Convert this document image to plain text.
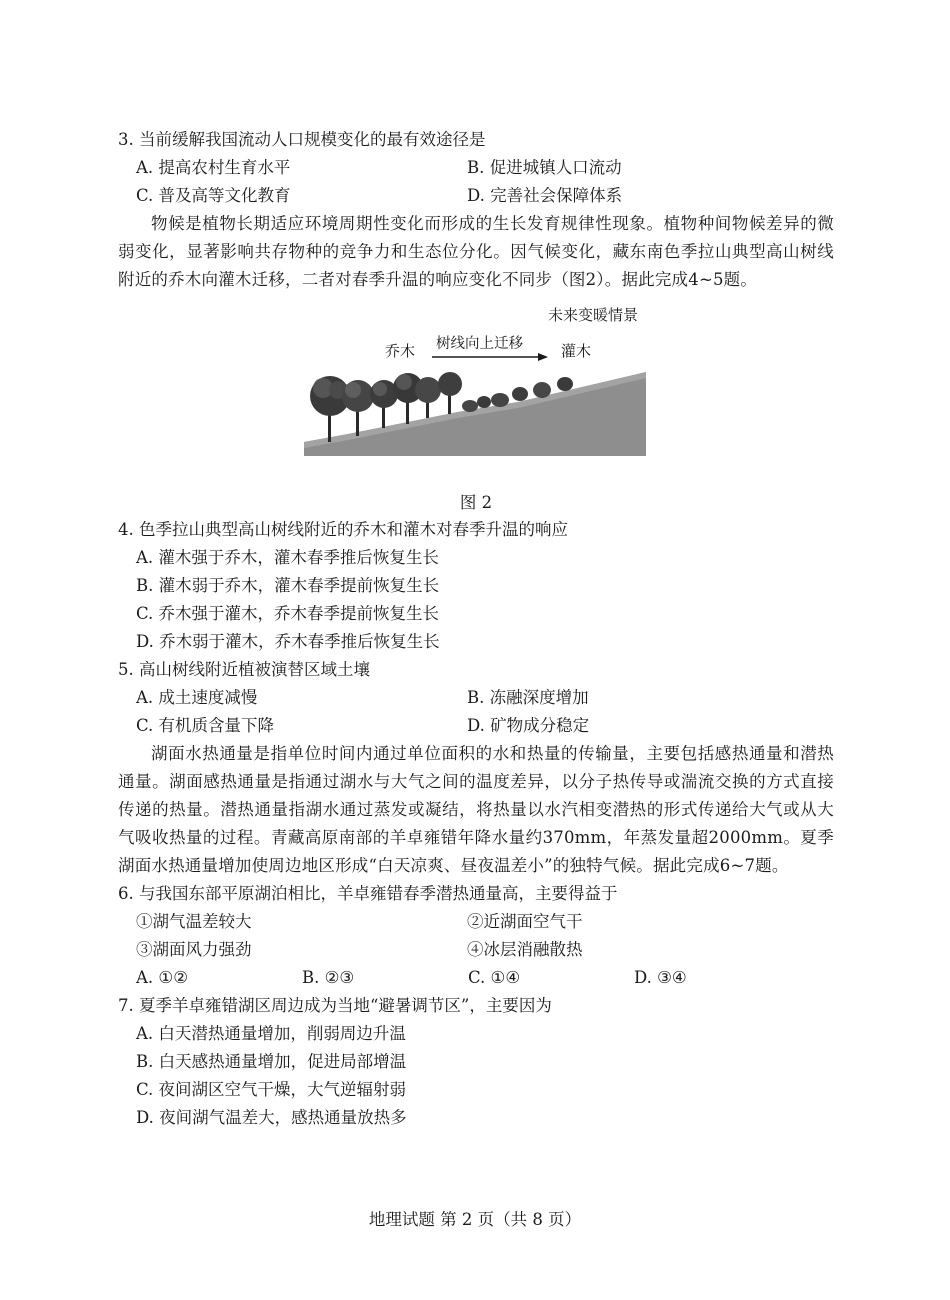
3. 当前缓解我国流动人口规模变化的最有效途径是

A. 提高农村生育水平	B. 促进城镇人口流动
C. 普及高等文化教育	D. 完善社会保障体系

物候是植物长期适应环境周期性变化而形成的生长发育规律性现象。植物种间物候差异的微弱变化，显著影响共存物种的竞争力和生态位分化。因气候变化，藏东南色季拉山典型高山树线附近的乔木向灌木迁移，二者对春季升温的响应变化不同步（图2）。据此完成4~5题。

未来变暖情景
乔木 树线向上迁移	灌木
图 2

4. 色季拉山典型高山树线附近的乔木和灌木对春季升温的响应

A. 灌木强于乔木，灌木春季推后恢复生长
B. 灌木弱于乔木，灌木春季提前恢复生长
C. 乔木强于灌木，乔木春季提前恢复生长
D. 乔木弱于灌木，乔木春季推后恢复生长

5. 高山树线附近植被演替区域土壤

A. 成土速度减慢	B. 冻融深度增加
C. 有机质含量下降	D. 矿物成分稳定

湖面水热通量是指单位时间内通过单位面积的水和热量的传输量，主要包括感热通量和潜热通量。湖面感热通量是指通过湖水与大气之间的温度差异，以分子热传导或湍流交换的方式直接传递的热量。潜热通量指湖水通过蒸发或凝结，将热量以水汽相变潜热的形式传递给大气或从大气吸收热量的过程。青藏高原南部的羊卓雍错年降水量约370mm，年蒸发量超2000mm。夏季湖面水热通量增加使周边地区形成“白天凉爽、昼夜温差小”的独特气候。据此完成6~7题。

6. 与我国东部平原湖泊相比，羊卓雍错春季潜热通量高，主要得益于

①湖气温差较大	②近湖面空气干
③湖面风力强劲	④冰层消融散热
A. ①②	B. ②③	C. ①④	D. ③④

7. 夏季羊卓雍错湖区周边成为当地“避暑调节区”，主要因为

A. 白天潜热通量增加，削弱周边升温
B. 白天感热通量增加，促进局部增温
C. 夜间湖区空气干燥，大气逆辐射弱
D. 夜间湖气温差大，感热通量放热多
地理试题 第 2 页（共 8 页）
